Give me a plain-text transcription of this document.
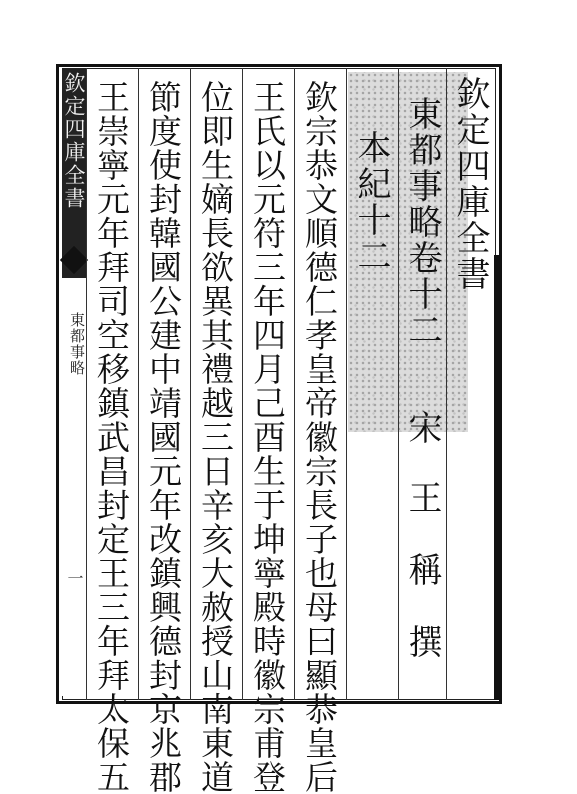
欽定四庫全書
東都事略
一
欽定四庫全書
東都事略卷十二
宋
王　稱　撰
本紀十二
欽宗恭文順德仁孝皇帝徽宗長子也母曰顯恭皇后
王氏以元符三年四月己酉生于坤寧殿時徽宗甫登
位即生嫡長欲異其禮越三日辛亥大赦授山南東道
節度使封韓國公建中靖國元年改鎮興德封京兆郡
王崇寧元年拜司空移鎮武昌封定王三年拜太保五
